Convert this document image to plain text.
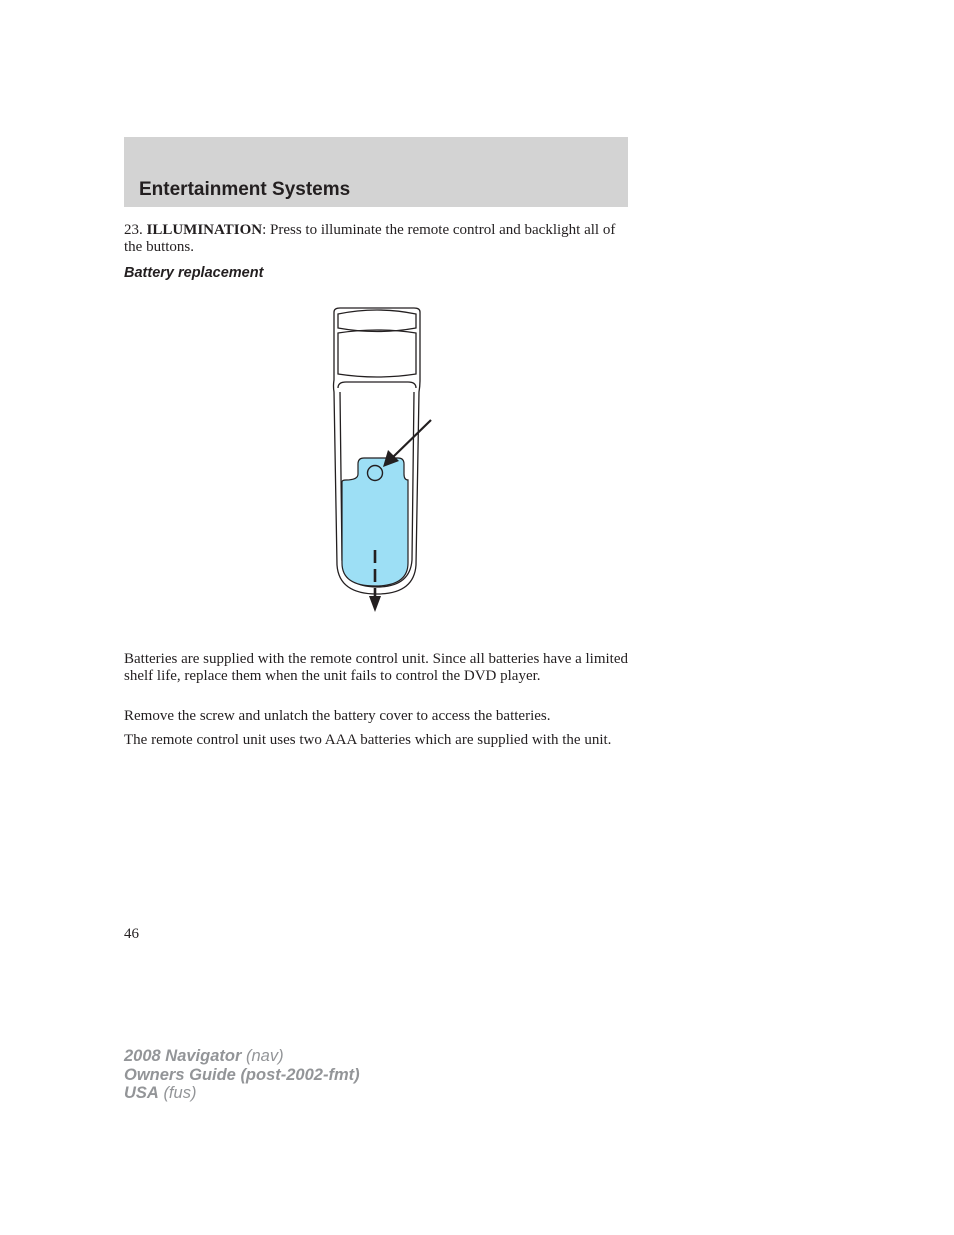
Entertainment Systems

23. ILLUMINATION: Press to illuminate the remote control and backlight all of the buttons.

Battery replacement

Batteries are supplied with the remote control unit. Since all batteries have a limited shelf life, replace them when the unit fails to control the DVD player.

Remove the screw and unlatch the battery cover to access the batteries.

The remote control unit uses two AAA batteries which are supplied with the unit.

46
2008 Navigator (nav)
Owners Guide (post-2002-fmt)
USA (fus)
